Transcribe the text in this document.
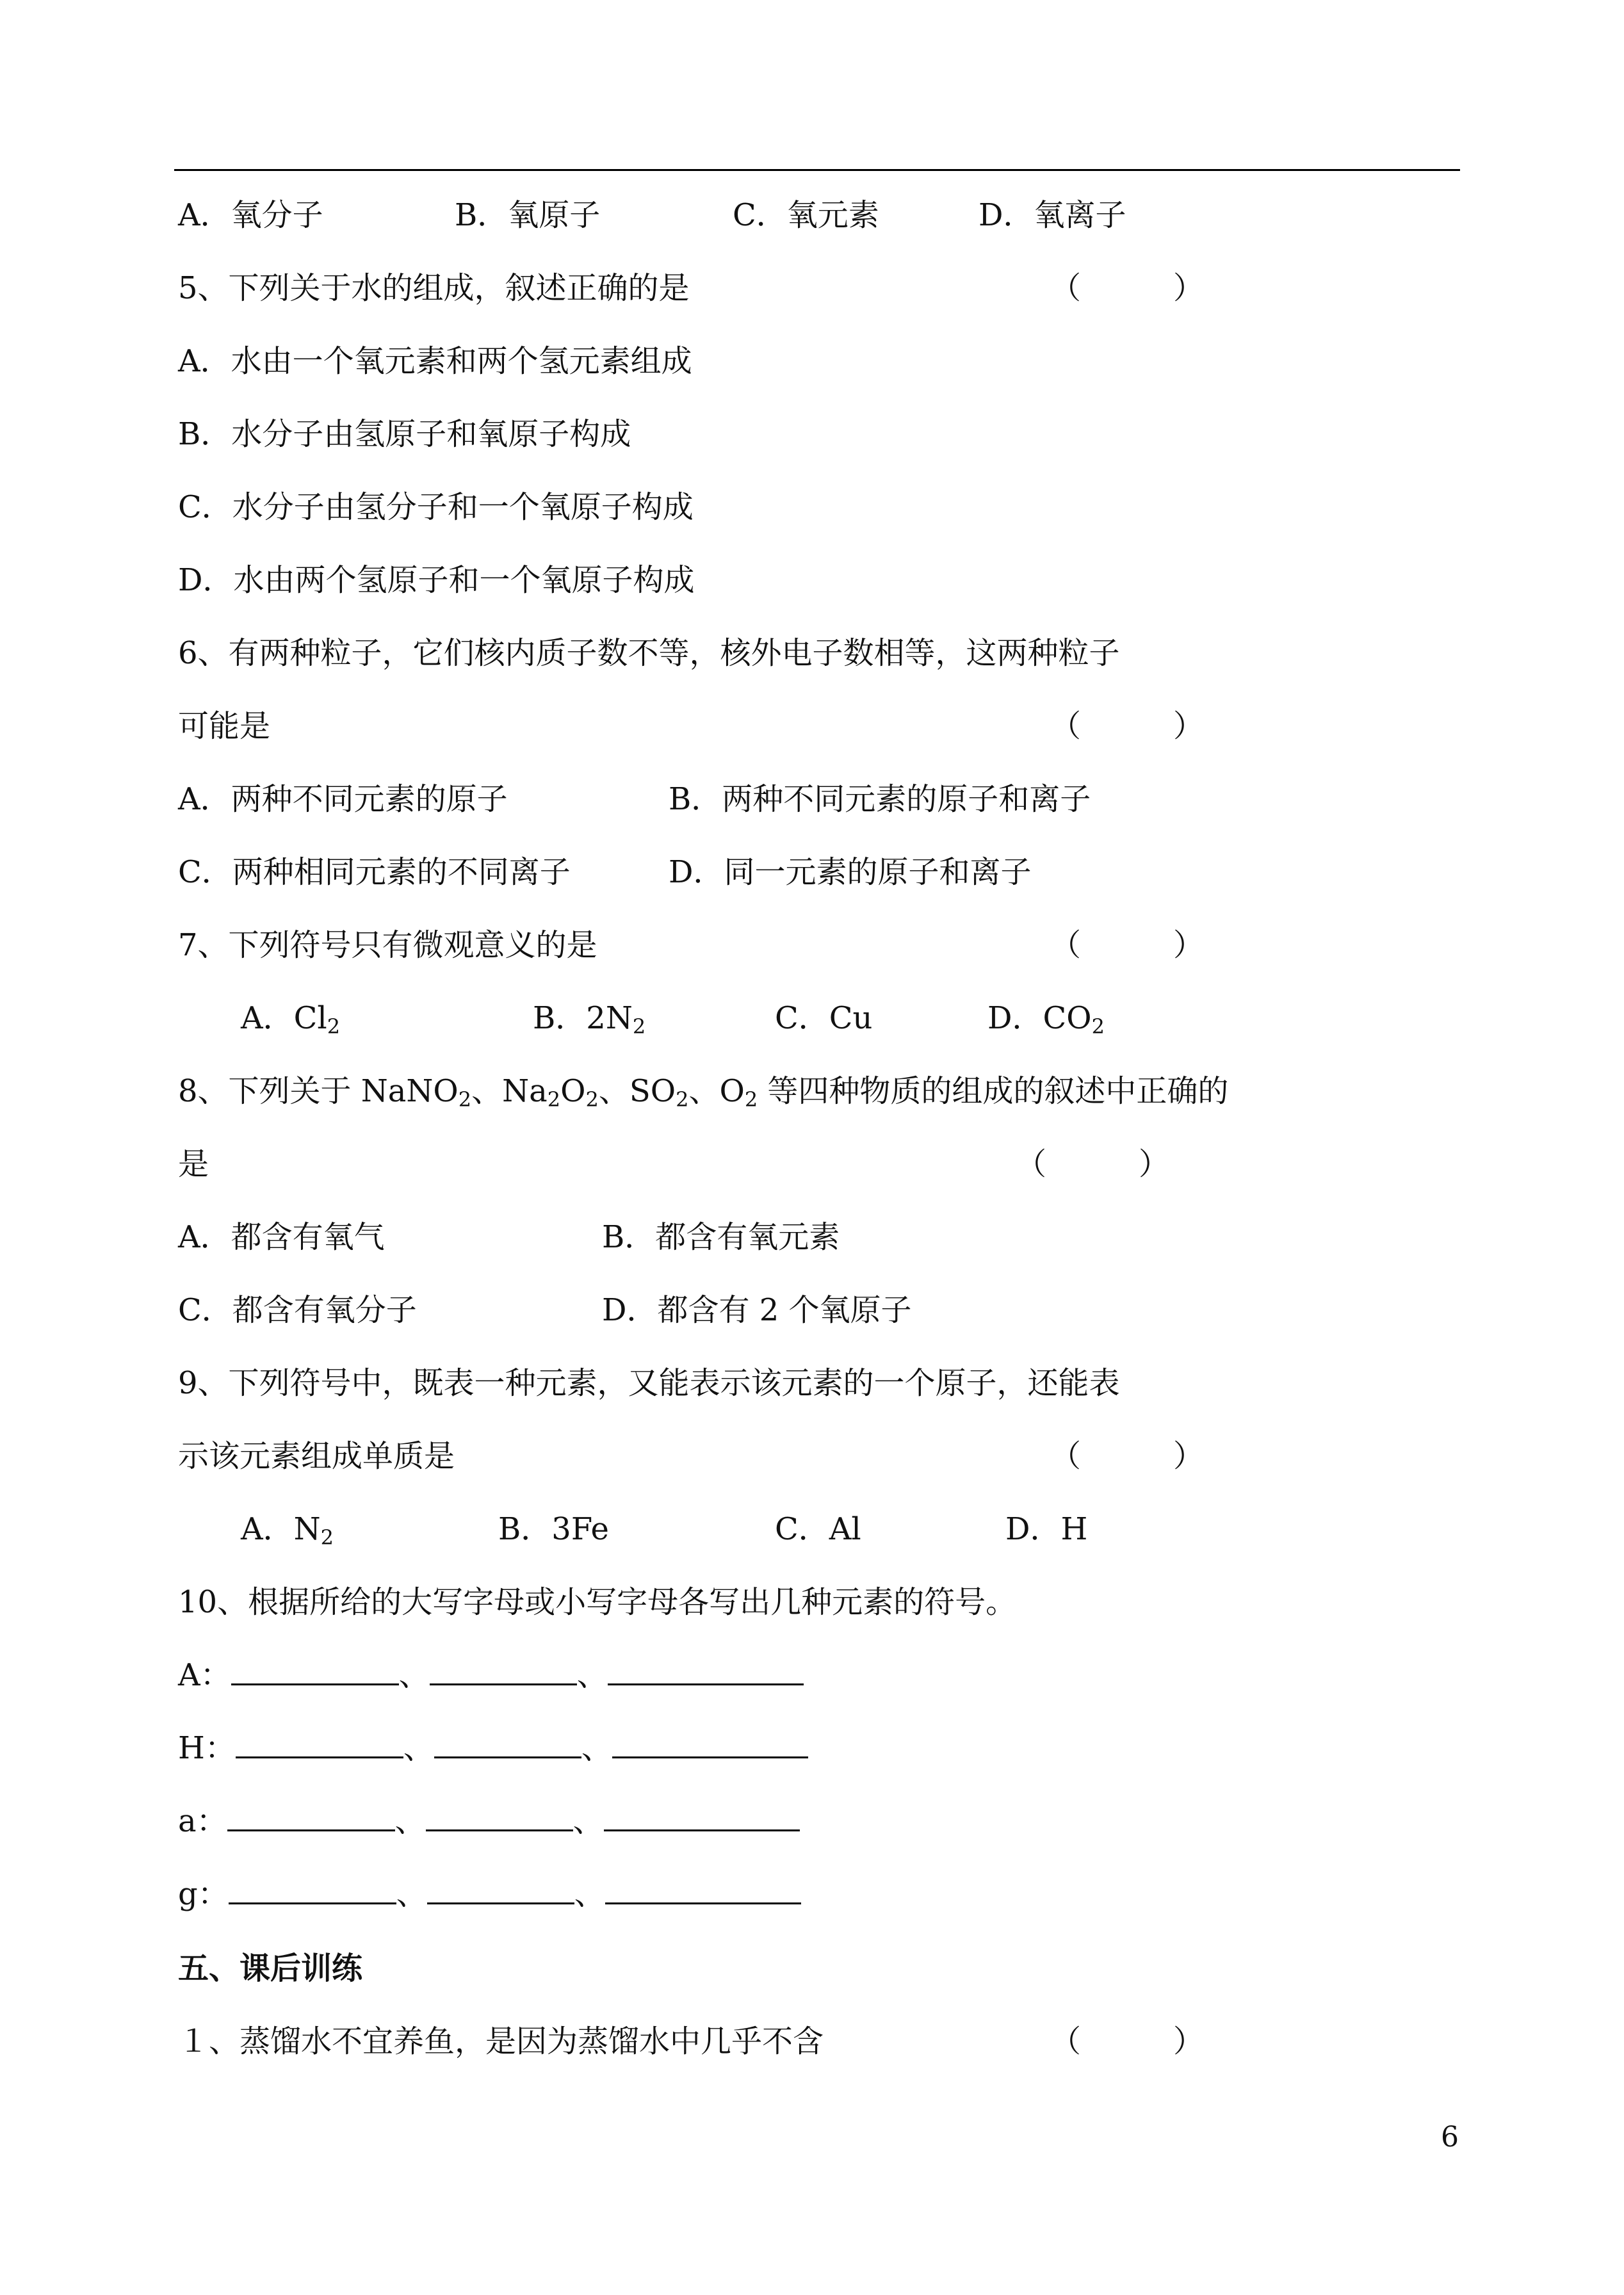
A．氧分子	B．氧原子	C．氧元素	D．氧离子
5、下列关于水的组成，叙述正确的是	（　　　）
A．水由一个氧元素和两个氢元素组成
B．水分子由氢原子和氧原子构成
C．水分子由氢分子和一个氧原子构成
D．水由两个氢原子和一个氧原子构成
6、有两种粒子，它们核内质子数不等，核外电子数相等，这两种粒子
可能是	（　　　）
A．两种不同元素的原子	B．两种不同元素的原子和离子
C．两种相同元素的不同离子	D．同一元素的原子和离子
7、下列符号只有微观意义的是	（　　　）
A．$Cl_2$	B．$2N_2$	C．Cu	D．$CO_2$
8、下列关于 NaNO$_2$、$Na_2O_2$、$SO_2$、$O_2$ 等四种物质的组成的叙述中正确的
是	（　　　）
A．都含有氧气	B．都含有氧元素
C．都含有氧分子	D．都含有 2 个氧原子
9、下列符号中，既表一种元素，又能表示该元素的一个原子，还能表
示该元素组成单质是	（　　　）
A．$N_2$	B．3Fe	C．Al	D．H
10、根据所给的大写字母或小写字母各写出几种元素的符号。
A：	、	、
H：	、	、
a：	、	、
g：	、	、
五、课后训练
１、蒸馏水不宜养鱼，是因为蒸馏水中几乎不含	（　　　）
6
